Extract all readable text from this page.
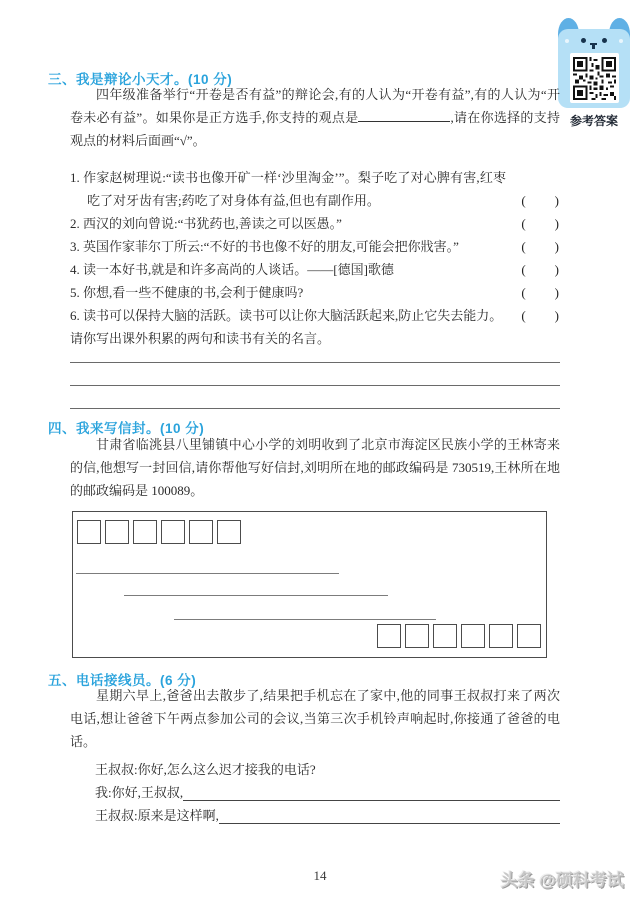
参考答案
三、我是辩论小天才。(10 分)

四年级准备举行“开卷是否有益”的辩论会,有的人认为“开卷有益”,有的人认为“开卷未必有益”。如果你是正方选手,你支持的观点是	,请在你选择的支持观点的材料后面画“√”。

1. 作家赵树理说:“读书也像开矿一样‘沙里淘金’”。梨子吃了对心脾有害,红枣吃了对牙齿有害;药吃了对身体有益,但也有副作用。	(　　)
2. 西汉的刘向曾说:“书犹药也,善读之可以医愚。”	(　　)
3. 英国作家菲尔丁所云:“不好的书也像不好的朋友,可能会把你戕害。”	(　　)
4. 读一本好书,就是和许多高尚的人谈话。——[德国]歌德	(　　)
5. 你想,看一些不健康的书,会利于健康吗?	(　　)
6. 读书可以保持大脑的活跃。读书可以让你大脑活跃起来,防止它失去能力。 (　　)
请你写出课外积累的两句和读书有关的名言。
四、我来写信封。(10 分)

甘肃省临洮县八里铺镇中心小学的刘明收到了北京市海淀区民族小学的王林寄来的信,他想写一封回信,请你帮他写好信封,刘明所在地的邮政编码是 730519,王林所在地的邮政编码是 100089。

五、电话接线员。(6 分)

星期六早上,爸爸出去散步了,结果把手机忘在了家中,他的同事王叔叔打来了两次电话,想让爸爸下午两点参加公司的会议,当第三次手机铃声响起时,你接通了爸爸的电话。

王叔叔:你好,怎么这么迟才接我的电话?
我:你好,王叔叔,
王叔叔:原来是这样啊,
14	头条 @硕科考试
